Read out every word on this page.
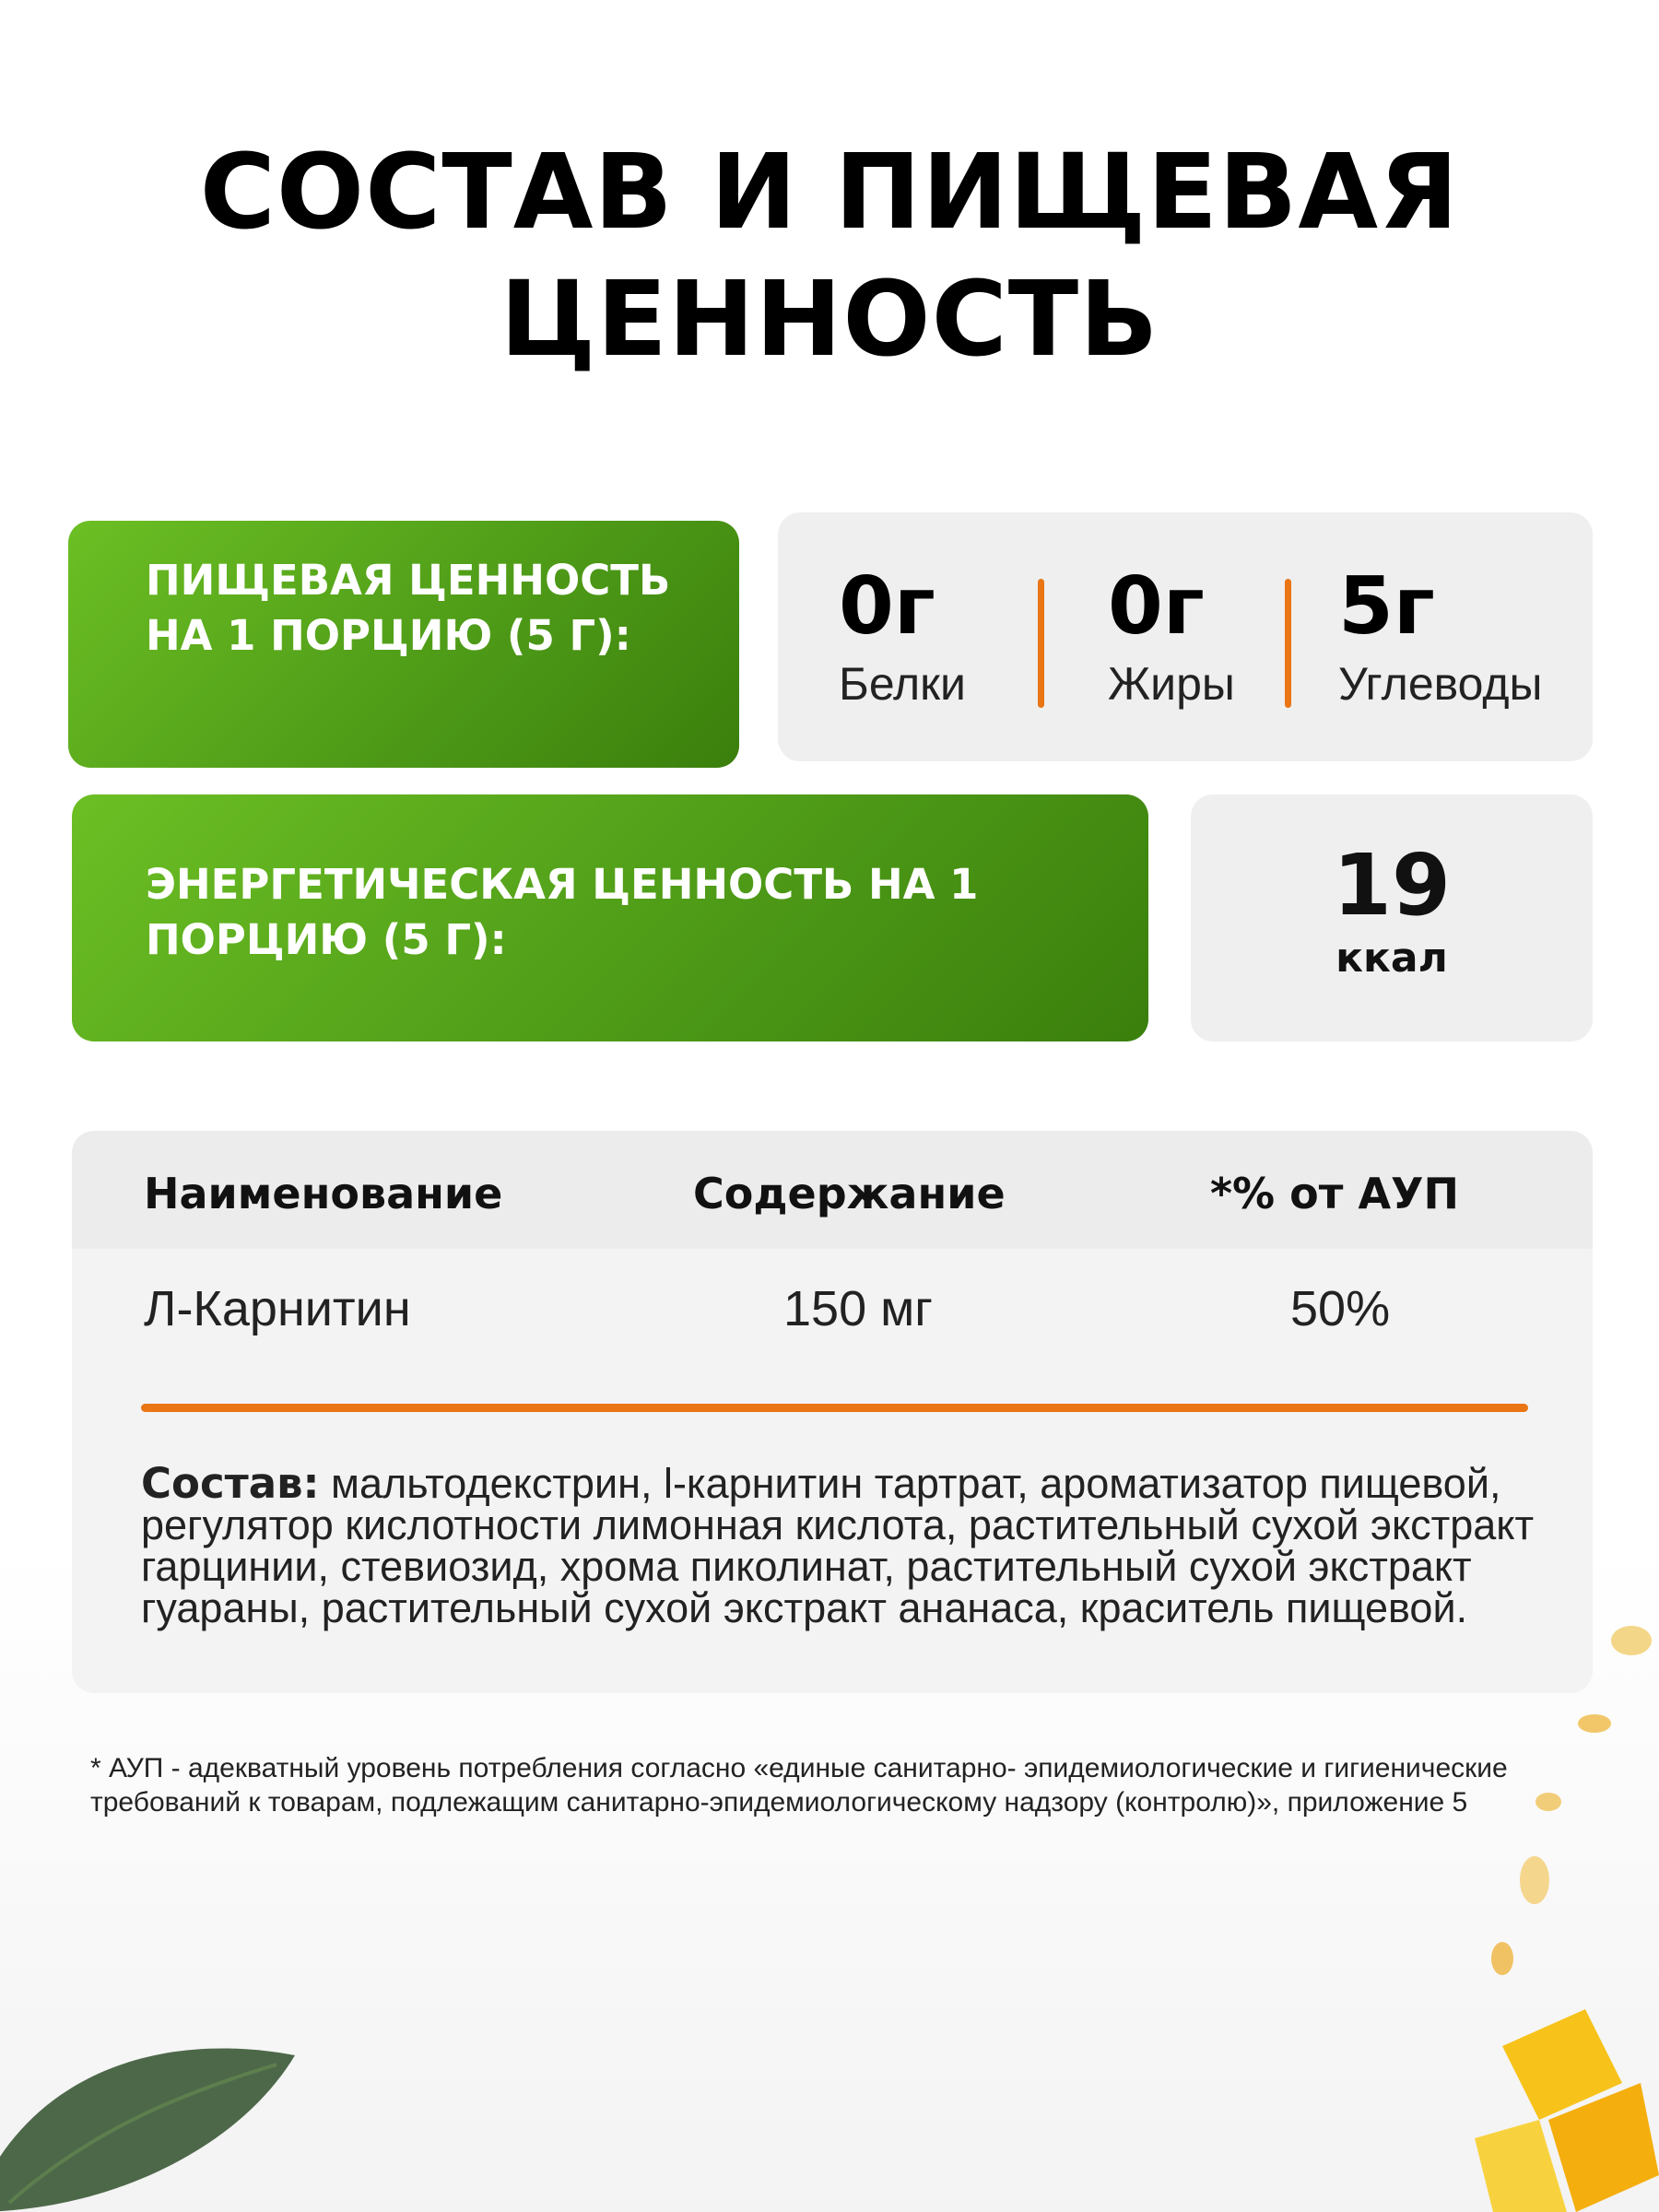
СОСТАВ И ПИЩЕВАЯ
ЦЕННОСТЬ
ПИЩЕВАЯ ЦЕННОСТЬ НА 1 ПОРЦИЮ (5 Г):	0г
Белки
0г
Жиры
5г
Углеводы
ЭНЕРГЕТИЧЕСКАЯ ЦЕННОСТЬ НА 1 ПОРЦИЮ (5 Г):
19
ккал
Наименование	Содержание	*% от АУП
Л-Карнитин	150 мг	50%

Состав: мальтодекстрин, l-карнитин тартрат, ароматизатор пищевой, регулятор кислотности лимонная кислота, растительный сухой экстракт гарцинии, стевиозид, хрома пиколинат, растительный сухой экстракт гуараны, растительный сухой экстракт ананаса, краситель пищевой.

* АУП - адекватный уровень потребления согласно «единые санитарно- эпидемиологические и гигиенические требований к товарам, подлежащим санитарно-эпидемиологическому надзору (контролю)», приложение 5
